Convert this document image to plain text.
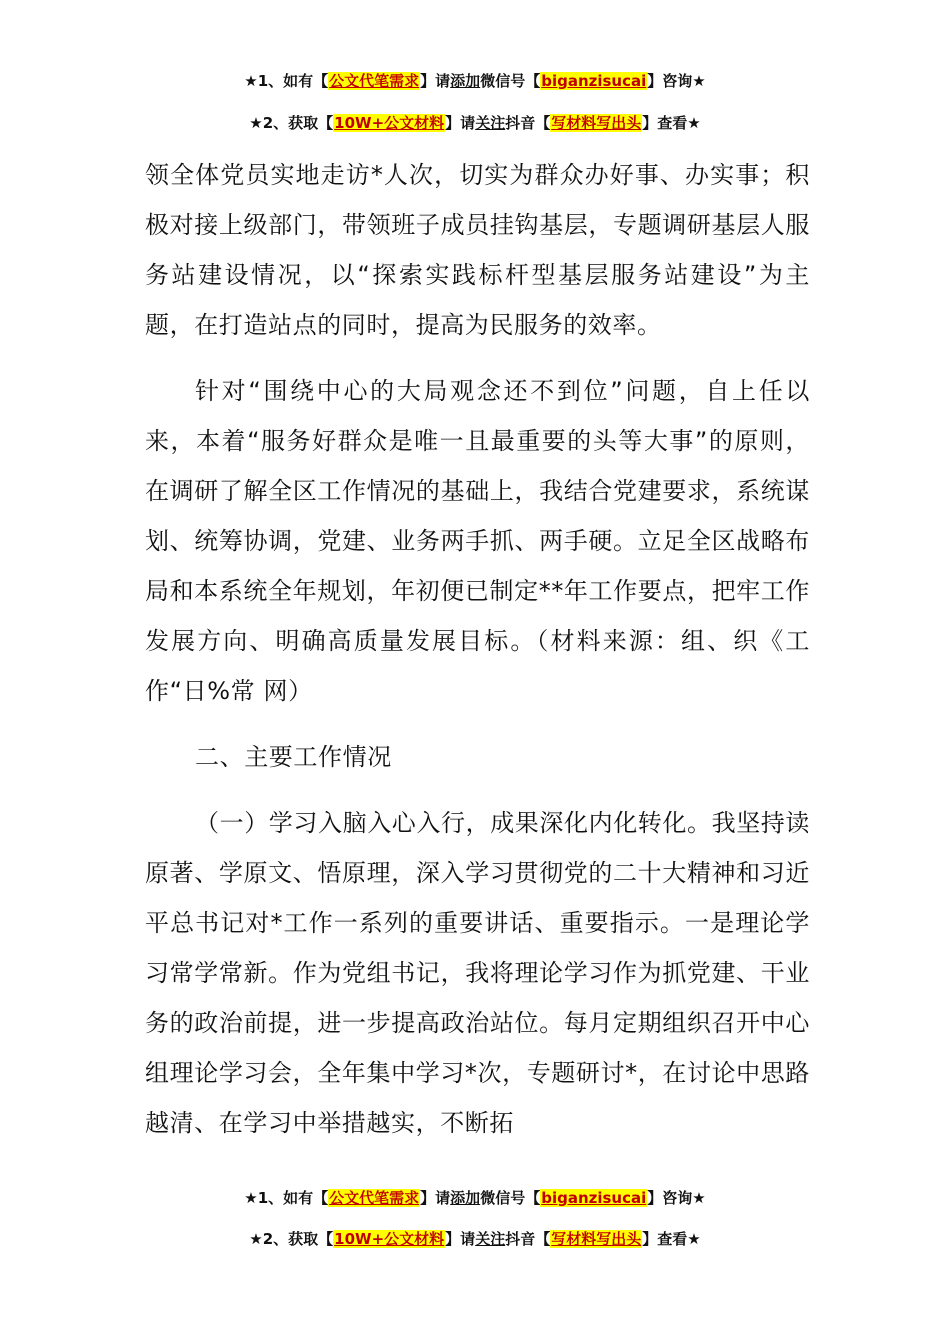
★1、如有【公文代笔需求】请添加微信号【biganzisucai】咨询★
★2、获取【10W+公文材料】请关注抖音【写材料写出头】查看★

领全体党员实地走访*人次，切实为群众办好事、办实事；积极对接上级部门，带领班子成员挂钩基层，专题调研基层人服务站建设情况，以“探索实践标杆型基层服务站建设”为主题，在打造站点的同时，提高为民服务的效率。

针对“围绕中心的大局观念还不到位”问题，自上任以来，本着“服务好群众是唯一且最重要的头等大事”的原则，在调研了解全区工作情况的基础上，我结合党建要求，系统谋划、统筹协调，党建、业务两手抓、两手硬。立足全区战略布局和本系统全年规划，年初便已制定**年工作要点，把牢工作发展方向、明确高质量发展目标。（材料来源：组、织《工 作“日%常 网）

二、主要工作情况

（一）学习入脑入心入行，成果深化内化转化。我坚持读原著、学原文、悟原理，深入学习贯彻党的二十大精神和习近平总书记对*工作一系列的重要讲话、重要指示。一是理论学习常学常新。作为党组书记，我将理论学习作为抓党建、干业务的政治前提，进一步提高政治站位。每月定期组织召开中心组理论学习会，全年集中学习*次，专题研讨*，在讨论中思路越清、在学习中举措越实，不断拓

★1、如有【公文代笔需求】请添加微信号【biganzisucai】咨询★
★2、获取【10W+公文材料】请关注抖音【写材料写出头】查看★
